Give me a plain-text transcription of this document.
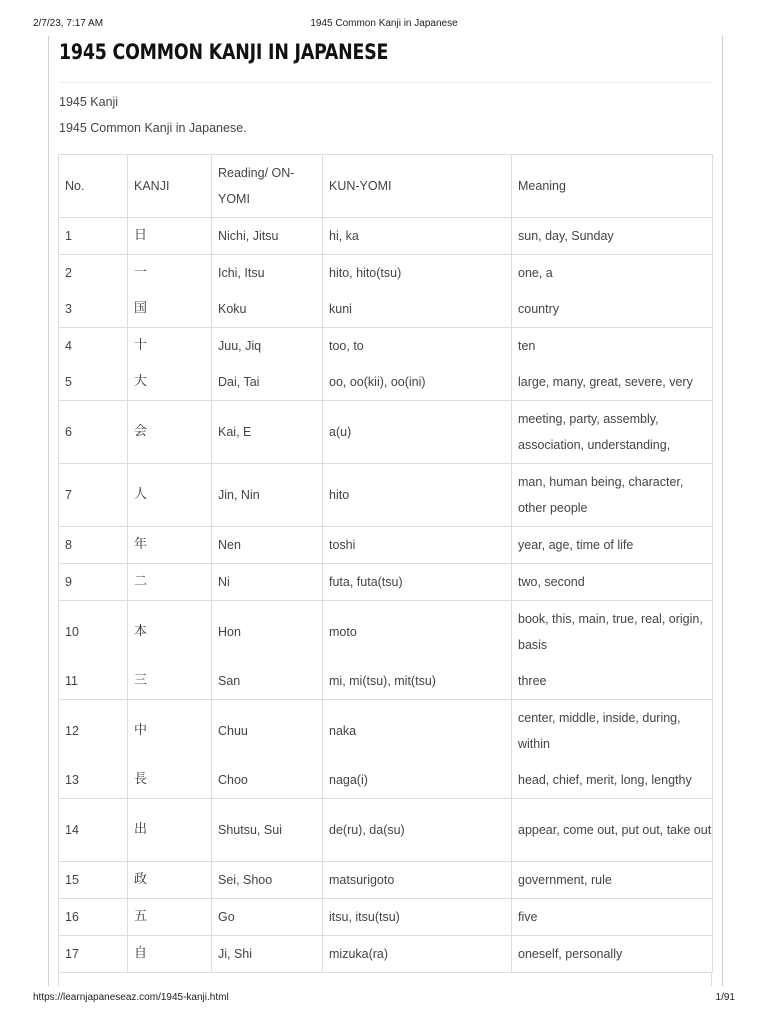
2/7/23, 7:17 AM	1945 Common Kanji in Japanese
1945 COMMON KANJI IN JAPANESE

1945 Kanji

1945 Common Kanji in Japanese.

No.	KANJI	Reading/ ON-YOMI	KUN-YOMI	Meaning
1	日	Nichi, Jitsu	hi, ka	sun, day, Sunday
2	一	Ichi, Itsu	hito, hito(tsu)	one, a
3	国	Koku	kuni	country
4	十	Juu, Jiq	too, to	ten
5	大	Dai, Tai	oo, oo(kii), oo(ini)	large, many, great, severe, very
6	会	Kai, E	a(u)	meeting, party, assembly, association, understanding,
7	人	Jin, Nin	hito	man, human being, character, other people
8	年	Nen	toshi	year, age, time of life
9	二	Ni	futa, futa(tsu)	two, second
10	本	Hon	moto	book, this, main, true, real, origin, basis
11	三	San	mi, mi(tsu), mit(tsu)	three
12	中	Chuu	naka	center, middle, inside, during, within
13	長	Choo	naga(i)	head, chief, merit, long, lengthy
14	出	Shutsu, Sui	de(ru), da(su)	appear, come out, put out, take out
15	政	Sei, Shoo	matsurigoto	government, rule
16	五	Go	itsu, itsu(tsu)	five
17	自	Ji, Shi	mizuka(ra)	oneself, personally
https://learnjapaneseaz.com/1945-kanji.html	1/91
